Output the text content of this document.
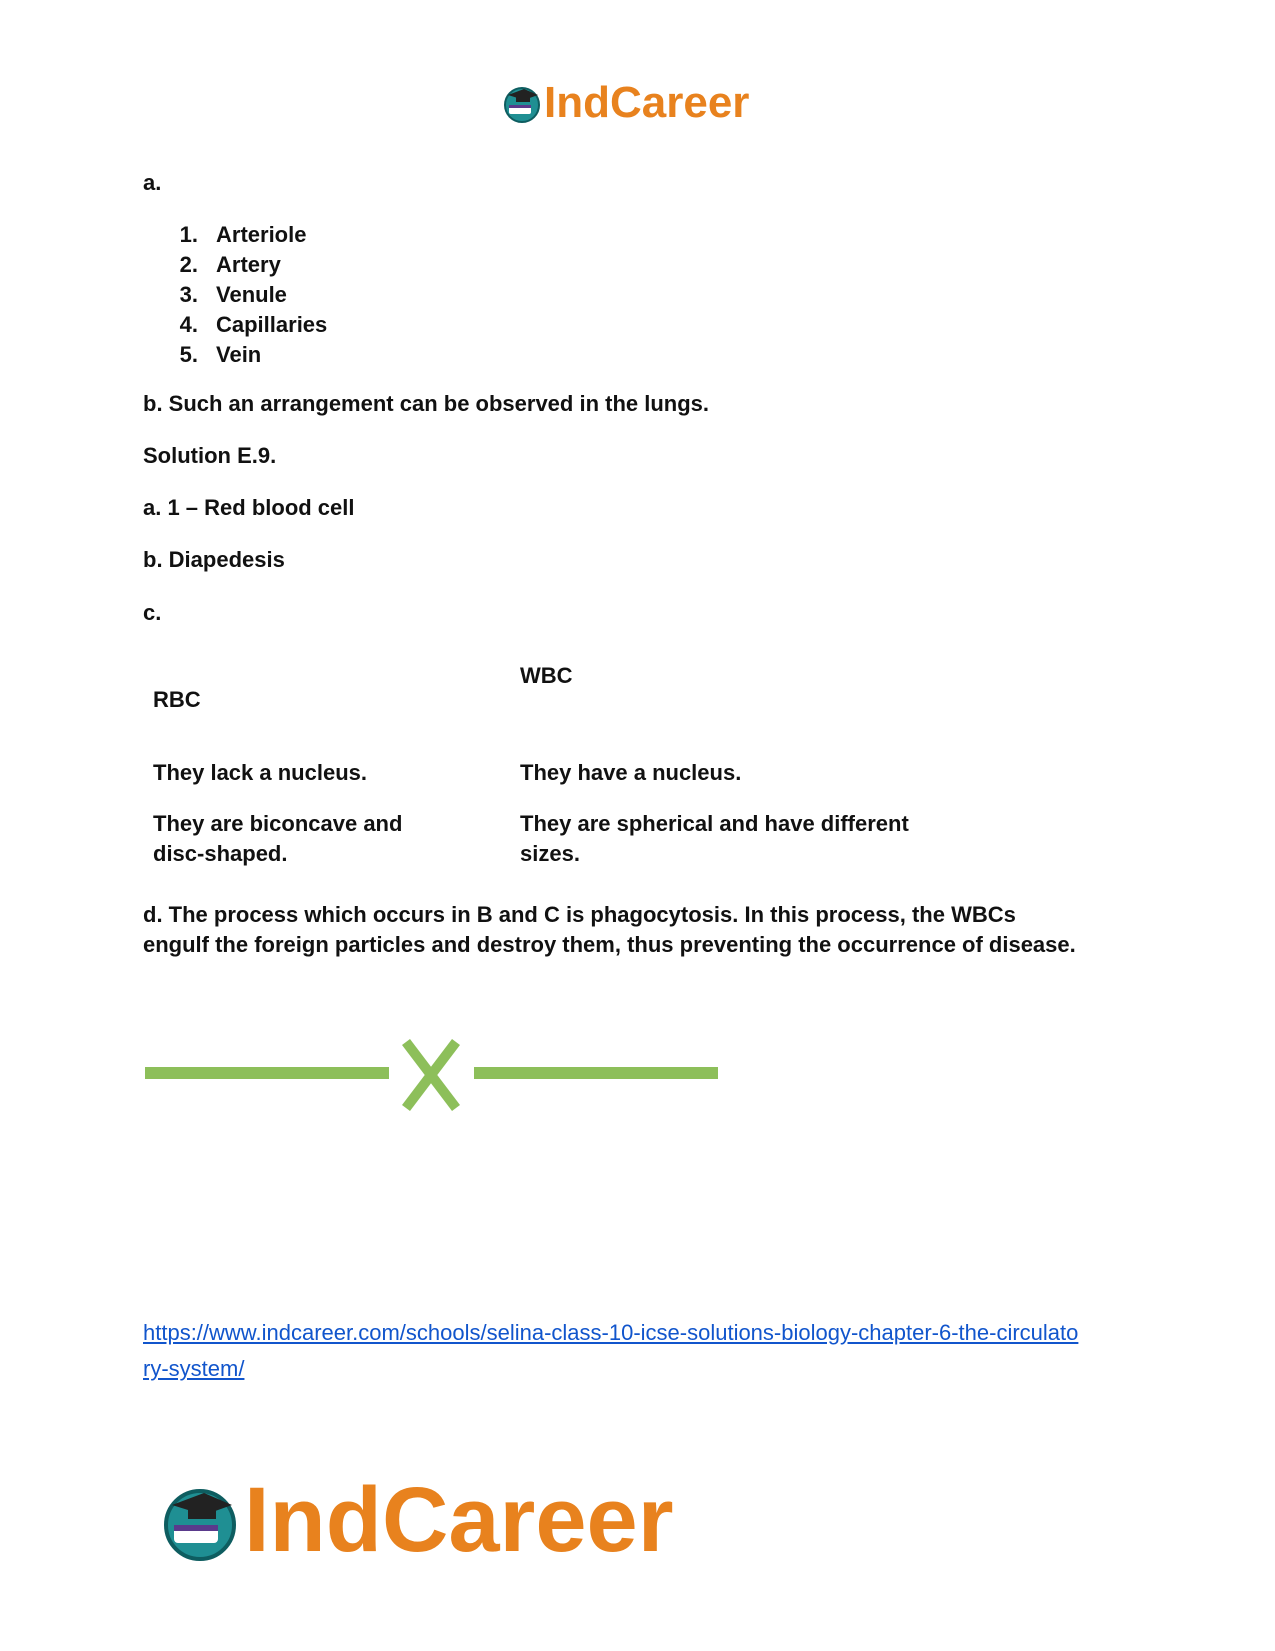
IndCareer
a.
1. Arteriole
2. Artery
3. Venule
4. Capillaries
5. Vein
b. Such an arrangement can be observed in the lungs.
Solution E.9.
a. 1 – Red blood cell
b. Diapedesis
c.
RBC
WBC
They lack a nucleus.	They have a nucleus.
They are biconcave and
disc-shaped.
They are spherical and have different
sizes.
d. The process which occurs in B and C is phagocytosis. In this process, the WBCs
engulf the foreign particles and destroy them, thus preventing the occurrence of disease.
https://www.indcareer.com/schools/selina-class-10-icse-solutions-biology-chapter-6-the-circulato
ry-system/
IndCareer
